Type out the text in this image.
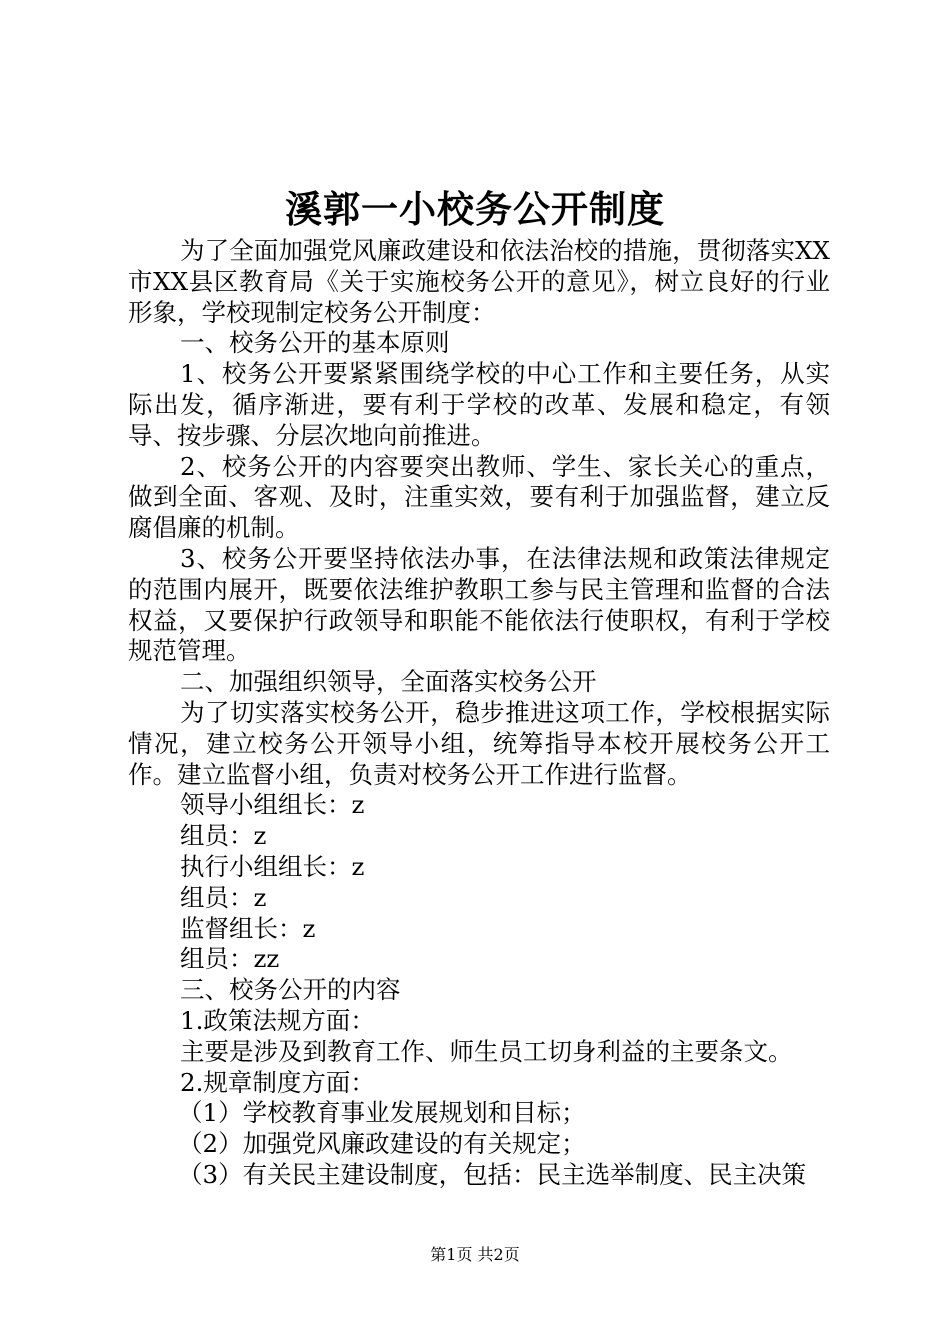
溪郭一小校务公开制度

为了全面加强党风廉政建设和依法治校的措施，贯彻落实XX市XX县区教育局《关于实施校务公开的意见》，树立良好的行业形象，学校现制定校务公开制度：

一、校务公开的基本原则

1、校务公开要紧紧围绕学校的中心工作和主要任务，从实际出发，循序渐进，要有利于学校的改革、发展和稳定，有领导、按步骤、分层次地向前推进。

2、校务公开的内容要突出教师、学生、家长关心的重点，做到全面、客观、及时，注重实效，要有利于加强监督，建立反腐倡廉的机制。

3、校务公开要坚持依法办事，在法律法规和政策法律规定的范围内展开，既要依法维护教职工参与民主管理和监督的合法权益，又要保护行政领导和职能不能依法行使职权，有利于学校规范管理。

二、加强组织领导，全面落实校务公开

为了切实落实校务公开，稳步推进这项工作，学校根据实际情况，建立校务公开领导小组，统筹指导本校开展校务公开工作。建立监督小组，负责对校务公开工作进行监督。

领导小组组长：z

组员：z

执行小组组长：z

组员：z

监督组长：z

组员：zz

三、校务公开的内容

1.政策法规方面：

主要是涉及到教育工作、师生员工切身利益的主要条文。

2.规章制度方面：

（1）学校教育事业发展规划和目标；

（2）加强党风廉政建设的有关规定；

（3）有关民主建设制度，包括：民主选举制度、民主决策

第1页 共2页
